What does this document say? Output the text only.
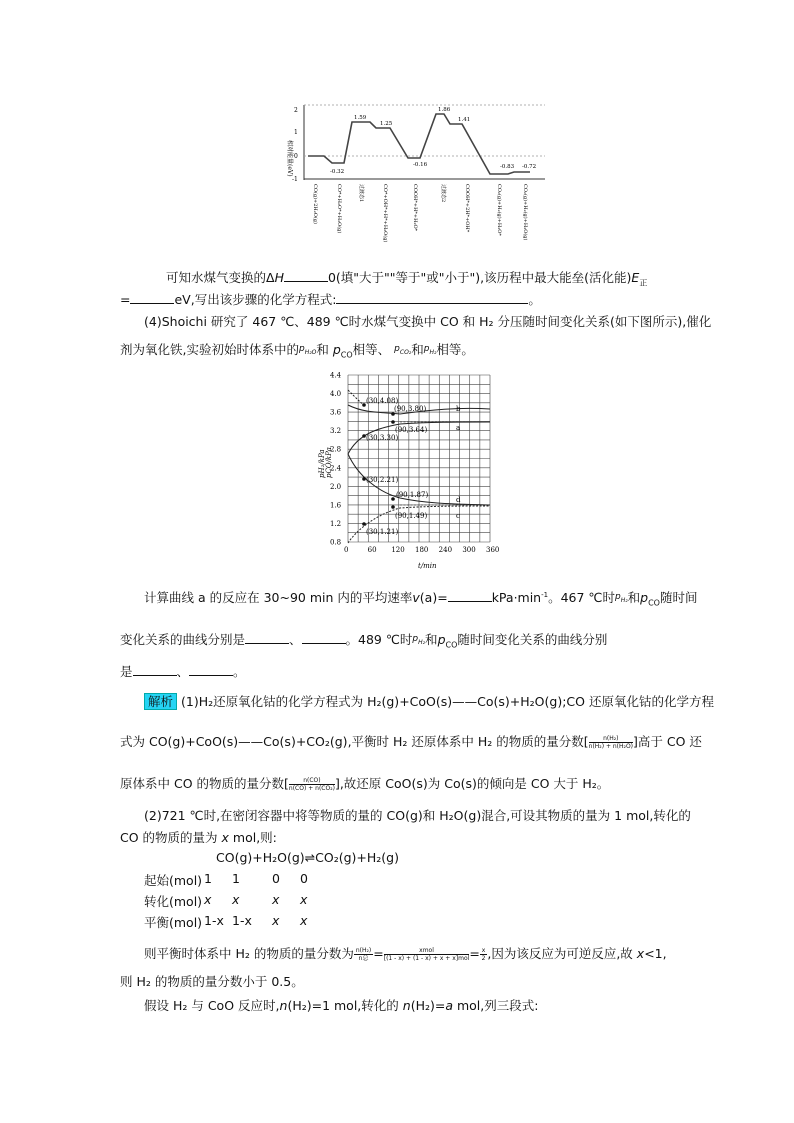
相对能量(eV)
2
1
0
-1
-0.32
1.59
1.25
-0.16
1.86
1.41
-0.83 -0.72
CO(g)+2H₂O(g)	CO*+H₂O*+H₂O(g)	过渡态1	CO*+OH*+H*+H₂O(g)	COOH*+H*+H₂O*	过渡态2	COOH*+2H*+OH*	CO₂(g)+H₂(g)+H₂O*	CO₂(g)+H₂(g)+H₂O(g)
可知水煤气变换的ΔH	0(填"大于""等于"或"小于"),该历程中最大能垒(活化能)$E_正$
=	eV,写出该步骤的化学方程式:	。
(4)Shoichi 研究了 467 ℃、489 ℃时水煤气变换中 CO 和 H₂ 分压随时间变化关系(如下图所示),催化
剂为氧化铁,实验初始时体系中的$^{p_{H_2O}}$和 $p_{CO}$相等、 $^{p_{CO_2}}$和$^{p_{H_2}}$相等。
pH₂/kPa pCO/kPa
4.4
4.0
3.6
3.2
2.8
2.4
2.0
1.6
1.2
0.8
0	60 120 180 240 300 360
t/min
(30,4.08)
(90,3.80)
(90,3.64)
(30,3.30)
(30,2.21)
(90,1.87)
(90,1.49)
(30,1.21)
b
a
d
c
计算曲线 a 的反应在 30~90 min 内的平均速率v(a)=	$kPa\cdot\min^{-1}$。467 ℃时$^{p_{H_2}}$和$p_{CO}$随时间
变化关系的曲线分别是	、	。489 ℃时$^{p_{H_2}}$和$p_{CO}$随时间变化关系的曲线分别
是	、	。
解析 (1)H₂还原氧化钴的化学方程式为 H₂(g)+CoO(s)——Co(s)+H₂O(g);CO 还原氧化钴的化学方程
式为 CO(g)+CoO(s)——Co(s)+CO₂(g),平衡时 H₂ 还原体系中 H₂ 的物质的量分数[ $\frac{\text{n(H₂)}}{\text{n(H₂) + n(H₂O)}}$ ]高于 CO 还
原体系中 CO 的物质的量分数[ $\frac{n(CO)}{\text{n(CO) + n(CO₂)}}$ ],故还原 CoO(s)为 Co(s)的倾向是 CO 大于 H₂。
(2)721 ℃时,在密闭容器中将等物质的量的 CO(g)和 H₂O(g)混合,可设其物质的量为 1 mol,转化的
CO 的物质的量为 x mol,则:
CO(g)+H₂O(g)⇌CO₂(g)+H₂(g)
起始(mol) 1 1	0 0
转化(mol) x x	x x
平衡(mol) 1-x 1-x x x
则平衡时体系中 H₂ 的物质的量分数为 $\frac{\text{n(H₂)}}{\text{n总}} = \frac{\text{xmol}}{\text{[(1 - x) + (1 - x) + x + x]mol}} = \frac{x}{2}$ ,因为该反应为可逆反应,故 x<1,
则 H₂ 的物质的量分数小于 0.5。
假设 H₂ 与 CoO 反应时,n(H₂)=1 mol,转化的 n(H₂)=a mol,列三段式:
